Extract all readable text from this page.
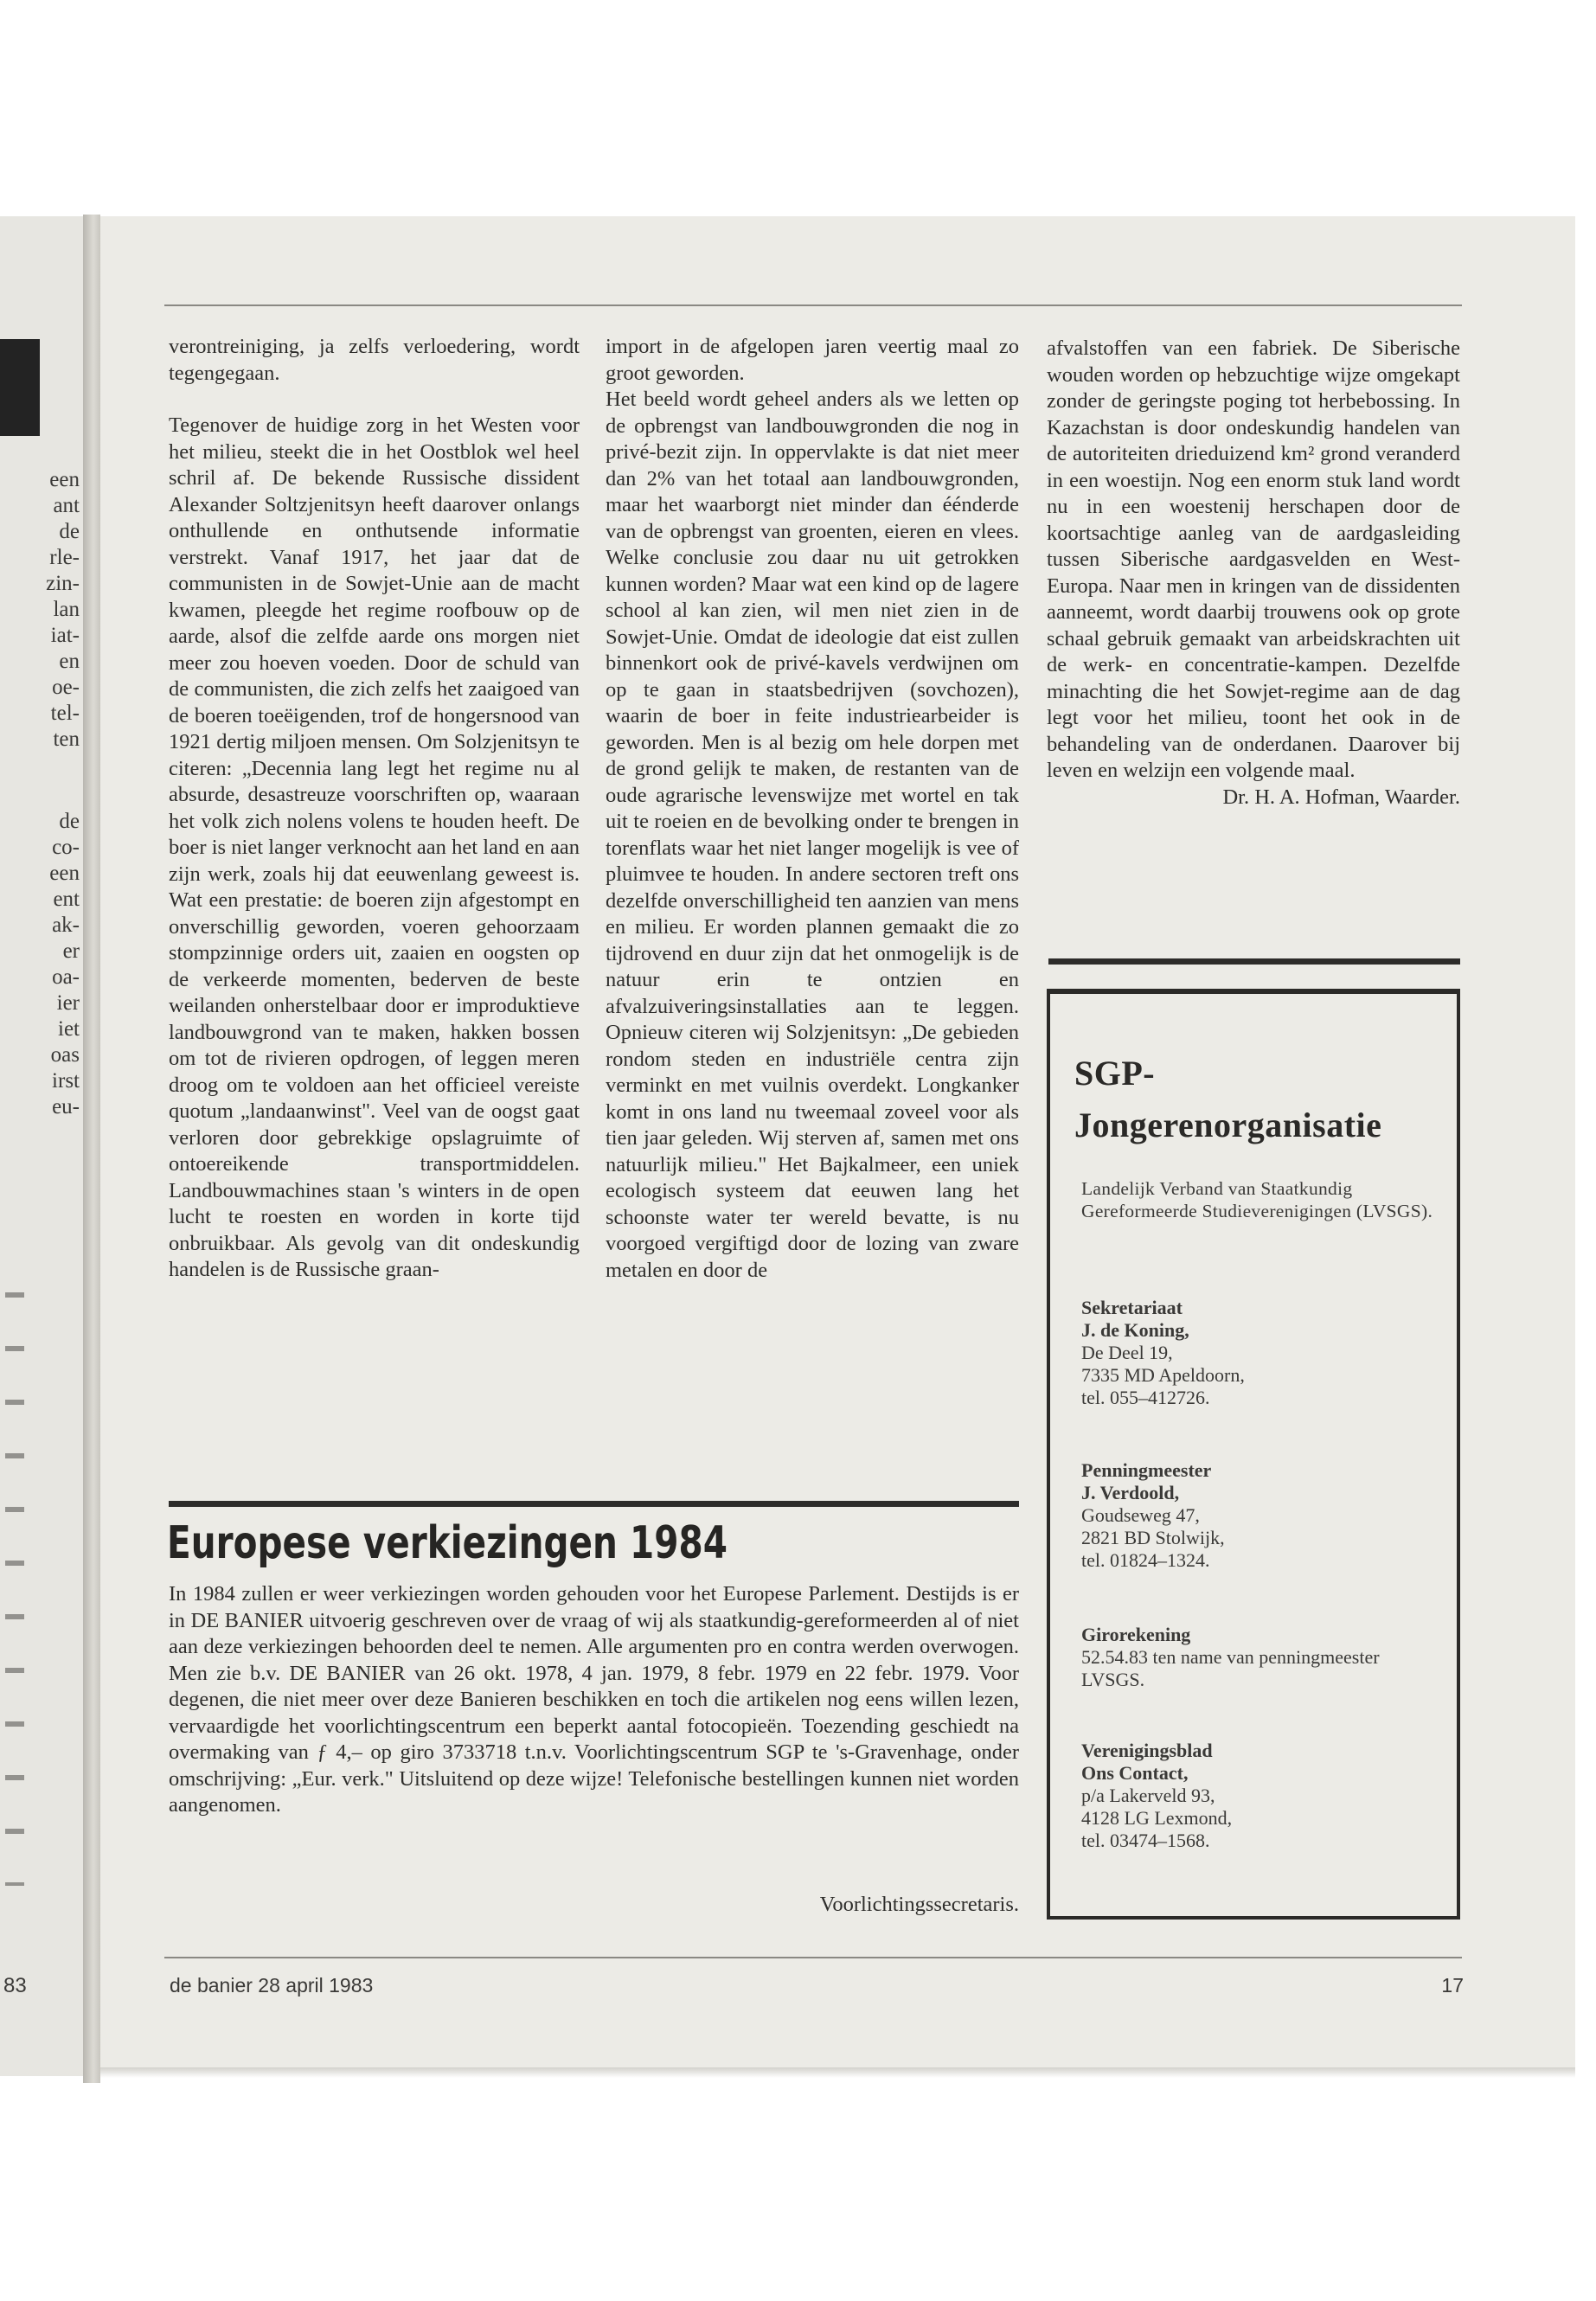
een
ant
de
rle-
zin-
lan
iat-
en
oe-
tel-
ten
de
co-
een
ent
ak-
er
oa-
ier
iet
oas
irst
eu-
83

verontreiniging, ja zelfs verloedering, wordt tegengegaan.

Tegenover de huidige zorg in het Westen voor het milieu, steekt die in het Oostblok wel heel schril af. De bekende Russische dissident Alexander Soltzjenitsyn heeft daarover onlangs onthullende en onthutsende informatie verstrekt. Vanaf 1917, het jaar dat de communisten in de Sowjet-Unie aan de macht kwamen, pleegde het regime roofbouw op de aarde, alsof die zelfde aarde ons morgen niet meer zou hoeven voeden. Door de schuld van de communisten, die zich zelfs het zaaigoed van de boeren toeëigenden, trof de hongersnood van 1921 dertig miljoen mensen. Om Solzjenitsyn te citeren: „Decennia lang legt het regime nu al absurde, desastreuze voorschriften op, waaraan het volk zich nolens volens te houden heeft. De boer is niet langer verknocht aan het land en aan zijn werk, zoals hij dat eeuwenlang geweest is. Wat een prestatie: de boeren zijn afgestompt en onverschillig geworden, voeren gehoorzaam stompzinnige orders uit, zaaien en oogsten op de verkeerde momenten, bederven de beste weilanden onherstelbaar door er improduktieve landbouwgrond van te maken, hakken bossen om tot de rivieren opdrogen, of leggen meren droog om te voldoen aan het officieel vereiste quotum „landaanwinst". Veel van de oogst gaat verloren door gebrekkige opslagruimte of ontoereikende transportmiddelen. Landbouwmachines staan 's winters in de open lucht te roesten en worden in korte tijd onbruikbaar. Als gevolg van dit ondeskundig handelen is de Russische graan-

import in de afgelopen jaren veertig maal zo groot geworden.

Het beeld wordt geheel anders als we letten op de opbrengst van landbouwgronden die nog in privé-bezit zijn. In oppervlakte is dat niet meer dan 2% van het totaal aan landbouwgronden, maar het waarborgt niet minder dan éénderde van de opbrengst van groenten, eieren en vlees. Welke conclusie zou daar nu uit getrokken kunnen worden? Maar wat een kind op de lagere school al kan zien, wil men niet zien in de Sowjet-Unie. Omdat de ideologie dat eist zullen binnenkort ook de privé-kavels verdwijnen om op te gaan in staatsbedrijven (sovchozen), waarin de boer in feite industriearbeider is geworden. Men is al bezig om hele dorpen met de grond gelijk te maken, de restanten van de oude agrarische levenswijze met wortel en tak uit te roeien en de bevolking onder te brengen in torenflats waar het niet langer mogelijk is vee of pluimvee te houden. In andere sectoren treft ons dezelfde onverschilligheid ten aanzien van mens en milieu. Er worden plannen gemaakt die zo tijdrovend en duur zijn dat het onmogelijk is de natuur erin te ontzien en afvalzuiveringsinstallaties aan te leggen. Opnieuw citeren wij Solzjenitsyn: „De gebieden rondom steden en industriële centra zijn verminkt en met vuilnis overdekt. Longkanker komt in ons land nu tweemaal zoveel voor als tien jaar geleden. Wij sterven af, samen met ons natuurlijk milieu." Het Bajkalmeer, een uniek ecologisch systeem dat eeuwen lang het schoonste water ter wereld bevatte, is nu voorgoed vergiftigd door de lozing van zware metalen en door de

afvalstoffen van een fabriek. De Siberische wouden worden op hebzuchtige wijze omgekapt zonder de geringste poging tot herbebossing. In Kazachstan is door ondeskundig handelen van de autoriteiten drieduizend km² grond veranderd in een woestijn. Nog een enorm stuk land wordt nu in een woestenij herschapen door de koortsachtige aanleg van de aardgasleiding tussen Siberische aardgasvelden en West-Europa. Naar men in kringen van de dissidenten aanneemt, wordt daarbij trouwens ook op grote schaal gebruik gemaakt van arbeidskrachten uit de werk- en concentratie-kampen. Dezelfde minachting die het Sowjet-regime aan de dag legt voor het milieu, toont het ook in de behandeling van de onderdanen. Daarover bij leven en welzijn een volgende maal.

Dr. H. A. Hofman, Waarder.

SGP-
Jongerenorganisatie

Landelijk Verband van Staatkundig Gereformeerde Studieverenigingen (LVSGS).

Sekretariaat
J. de Koning,
De Deel 19,
7335 MD Apeldoorn,
tel. 055–412726.
Penningmeester
J. Verdoold,
Goudseweg 47,
2821 BD Stolwijk,
tel. 01824–1324.
Girorekening
52.54.83 ten name van penningmeester LVSGS.
Verenigingsblad
Ons Contact,
p/a Lakerveld 93,
4128 LG Lexmond,
tel. 03474–1568.
Europese verkiezingen 1984

In 1984 zullen er weer verkiezingen worden gehouden voor het Europese Parlement. Destijds is er in DE BANIER uitvoerig geschreven over de vraag of wij als staatkundig-gereformeerden al of niet aan deze verkiezingen behoorden deel te nemen. Alle argumenten pro en contra werden overwogen. Men zie b.v. DE BANIER van 26 okt. 1978, 4 jan. 1979, 8 febr. 1979 en 22 febr. 1979. Voor degenen, die niet meer over deze Banieren beschikken en toch die artikelen nog eens willen lezen, vervaardigde het voorlichtingscentrum een beperkt aantal fotocopieën. Toezending geschiedt na overmaking van ƒ 4,– op giro 3733718 t.n.v. Voorlichtingscentrum SGP te 's-Gravenhage, onder omschrijving: „Eur. verk." Uitsluitend op deze wijze! Telefonische bestellingen kunnen niet worden aangenomen.

Voorlichtingssecretaris.

de banier 28 april 1983	17
